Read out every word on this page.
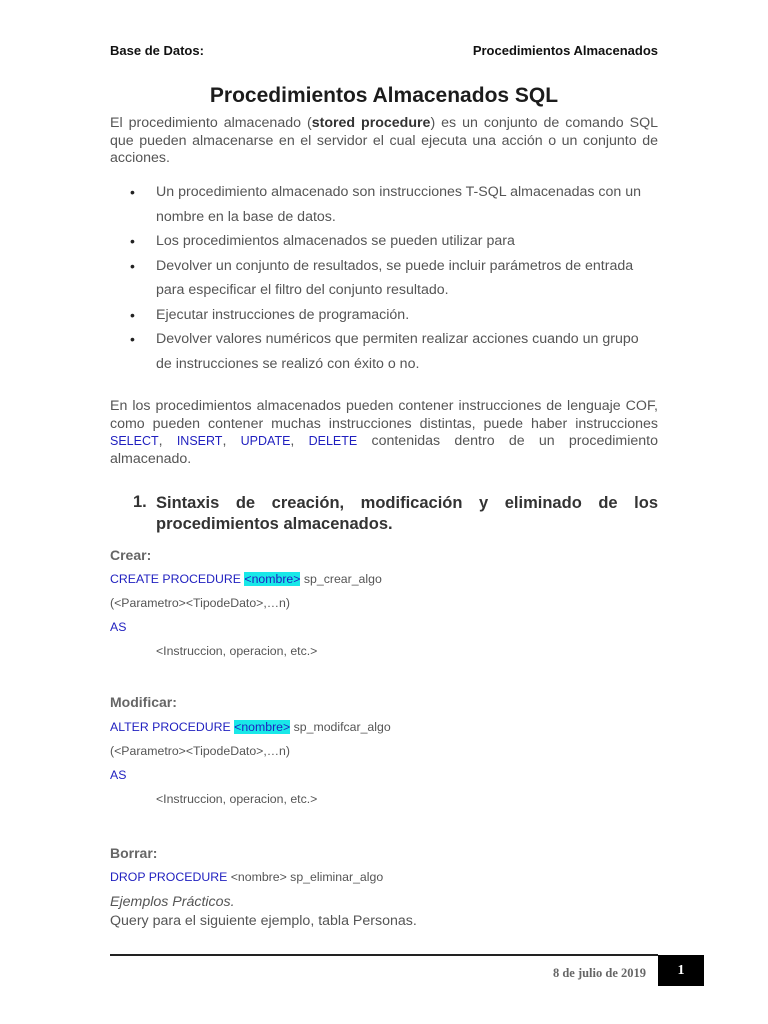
Base de Datos:	Procedimientos Almacenados
Procedimientos Almacenados SQL
El procedimiento almacenado (stored procedure) es un conjunto de comando SQL que pueden almacenarse en el servidor el cual ejecuta una acción o un conjunto de acciones.
• Un procedimiento almacenado son instrucciones T-SQL almacenadas con un nombre en la base de datos.
• Los procedimientos almacenados se pueden utilizar para
• Devolver un conjunto de resultados, se puede incluir parámetros de entrada para especificar el filtro del conjunto resultado.
• Ejecutar instrucciones de programación.
• Devolver valores numéricos que permiten realizar acciones cuando un grupo de instrucciones se realizó con éxito o no.
En los procedimientos almacenados pueden contener instrucciones de lenguaje COF, como pueden contener muchas instrucciones distintas, puede haber instrucciones SELECT, INSERT, UPDATE, DELETE contenidas dentro de un procedimiento almacenado.
1. Sintaxis de creación, modificación y eliminado de los procedimientos almacenados.
Crear:
CREATE PROCEDURE <nombre> sp_crear_algo
(<Parametro><TipodeDato>,…n)
AS
<Instruccion, operacion, etc.>
Modificar:
ALTER PROCEDURE <nombre> sp_modifcar_algo
(<Parametro><TipodeDato>,…n)
AS
<Instruccion, operacion, etc.>
Borrar:
DROP PROCEDURE <nombre> sp_eliminar_algo
Ejemplos Prácticos.
Query para el siguiente ejemplo, tabla Personas.
8 de julio de 2019	1
